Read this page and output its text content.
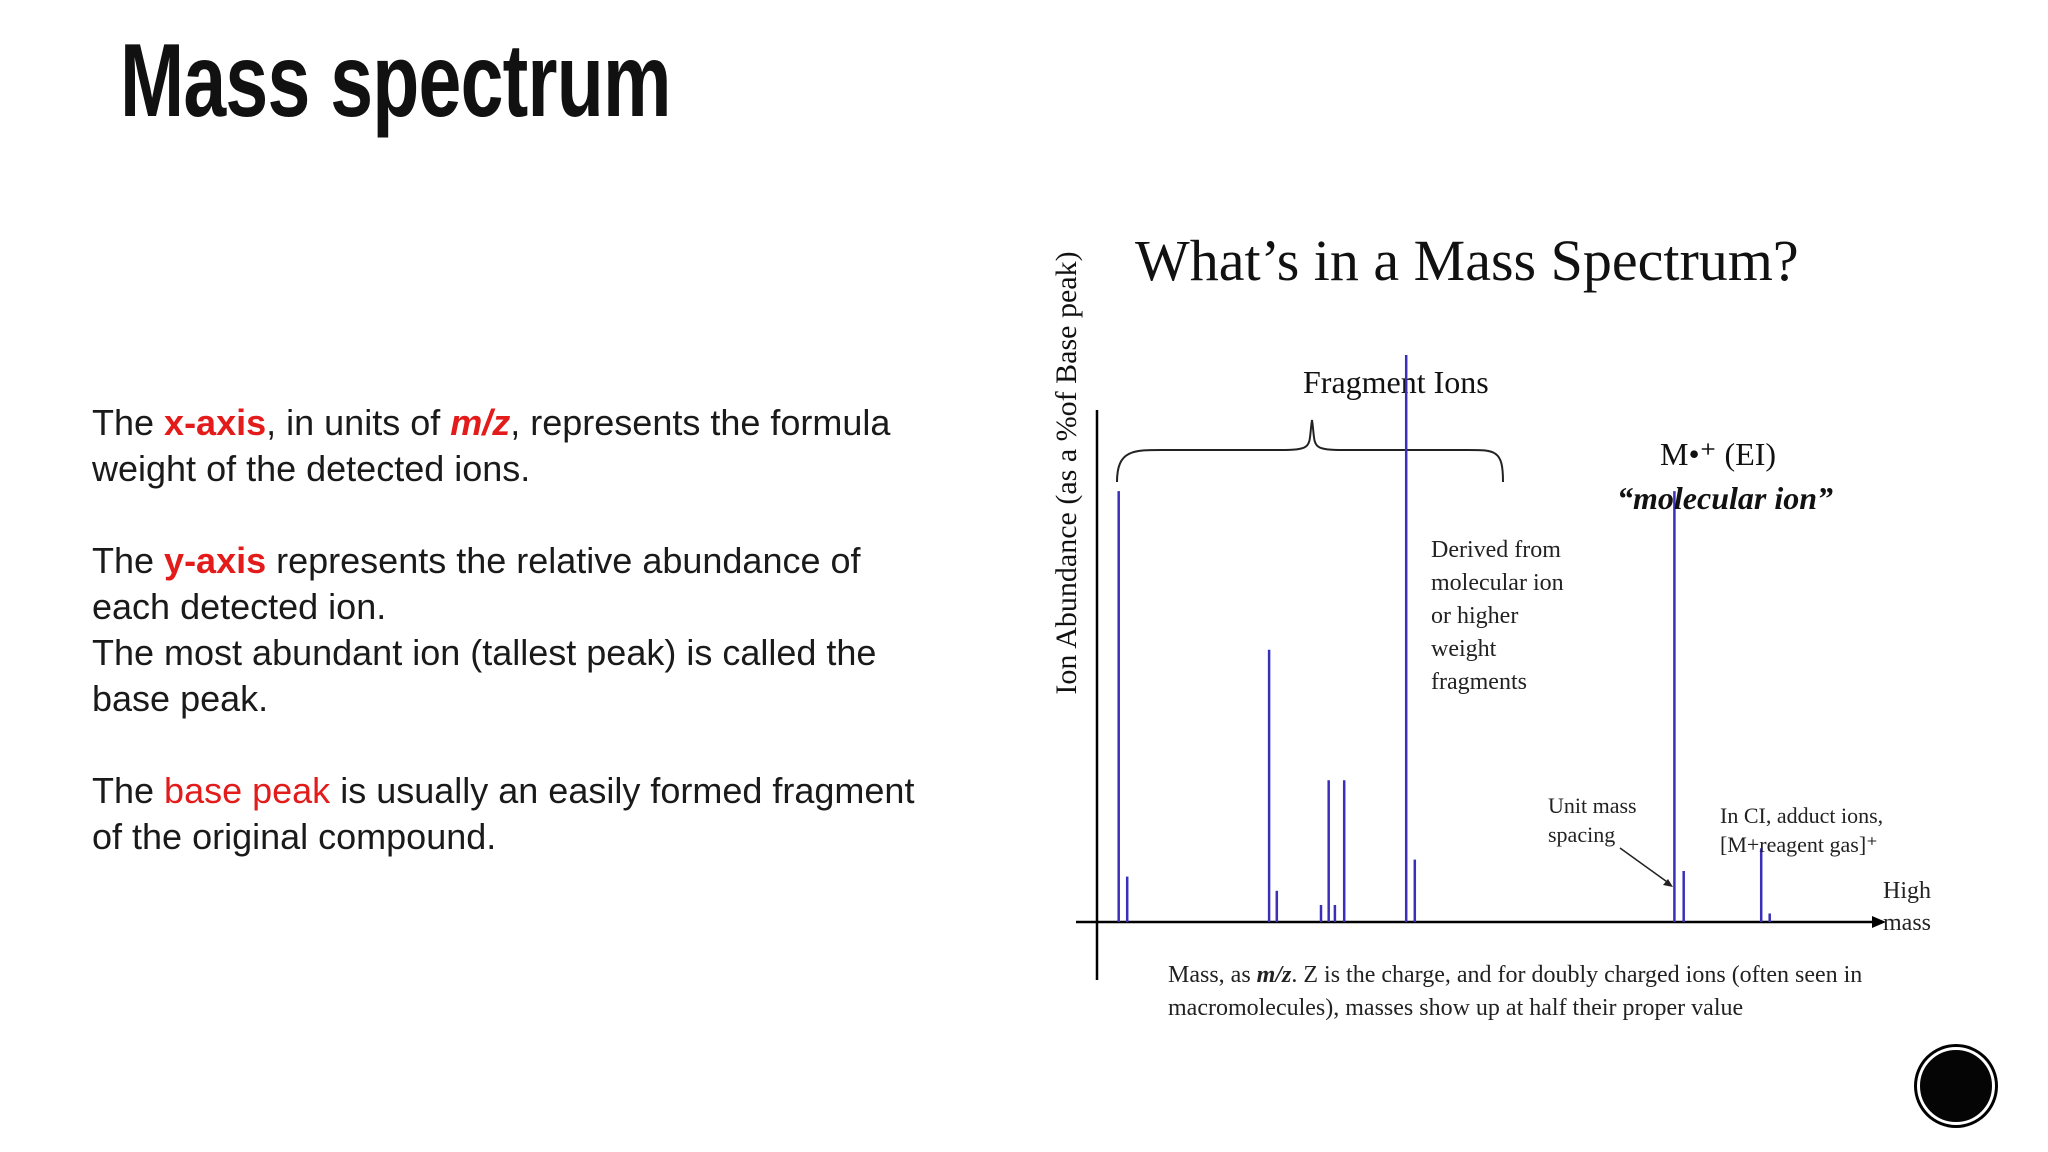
Mass spectrum

The x-axis, in units of m/z, represents the formula weight of the detected ions.

The y-axis represents the relative abundance of each detected ion.

The most abundant ion (tallest peak) is called the base peak.

The base peak is usually an easily formed fragment of the original compound.

What’s in a Mass Spectrum?
Ion Abundance (as a %of Base peak)	Fragment Ions
M•⁺ (EI)
“molecular ion”
Derived from
molecular ion
or higher
weight
fragments
Unit mass
spacing
In CI, adduct ions,
[M+reagent gas]⁺
High
mass
Mass, as m/z. Z is the charge, and for doubly charged ions (often seen in
macromolecules), masses show up at half their proper value
